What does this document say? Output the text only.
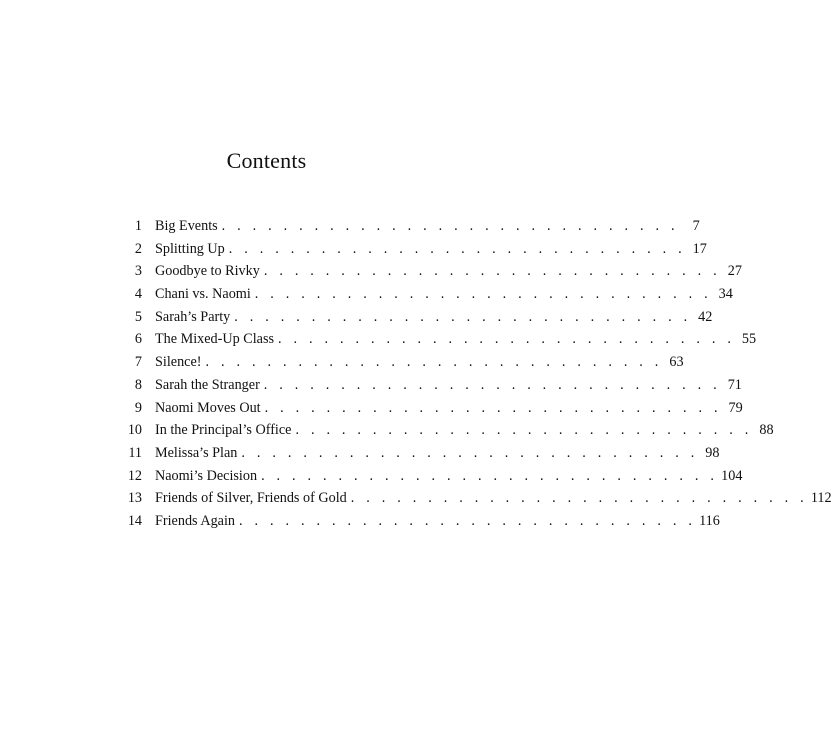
Contents
1 Big Events . . . . . . . . . . . . . . . . . . . . . . . . . . . . . . 7
2 Splitting Up . . . . . . . . . . . . . . . . . . . . . . . . . . . . . . 17
3 Goodbye to Rivky . . . . . . . . . . . . . . . . . . . . . . . . . . . . . . 27
4 Chani vs. Naomi . . . . . . . . . . . . . . . . . . . . . . . . . . . . . . 34
5 Sarah’s Party . . . . . . . . . . . . . . . . . . . . . . . . . . . . . . 42
6 The Mixed-Up Class . . . . . . . . . . . . . . . . . . . . . . . . . . . . . . 55
7 Silence! . . . . . . . . . . . . . . . . . . . . . . . . . . . . . . 63
8 Sarah the Stranger . . . . . . . . . . . . . . . . . . . . . . . . . . . . . . 71
9 Naomi Moves Out . . . . . . . . . . . . . . . . . . . . . . . . . . . . . . 79
10 In the Principal’s Office . . . . . . . . . . . . . . . . . . . . . . . . . . . . . . 88
11 Melissa’s Plan . . . . . . . . . . . . . . . . . . . . . . . . . . . . . . 98
12 Naomi’s Decision . . . . . . . . . . . . . . . . . . . . . . . . . . . . . . 104
13 Friends of Silver, Friends of Gold . . . . . . . . . . . . . . . . . . . . . . . . . . . . . . 112
14 Friends Again . . . . . . . . . . . . . . . . . . . . . . . . . . . . . . 116
